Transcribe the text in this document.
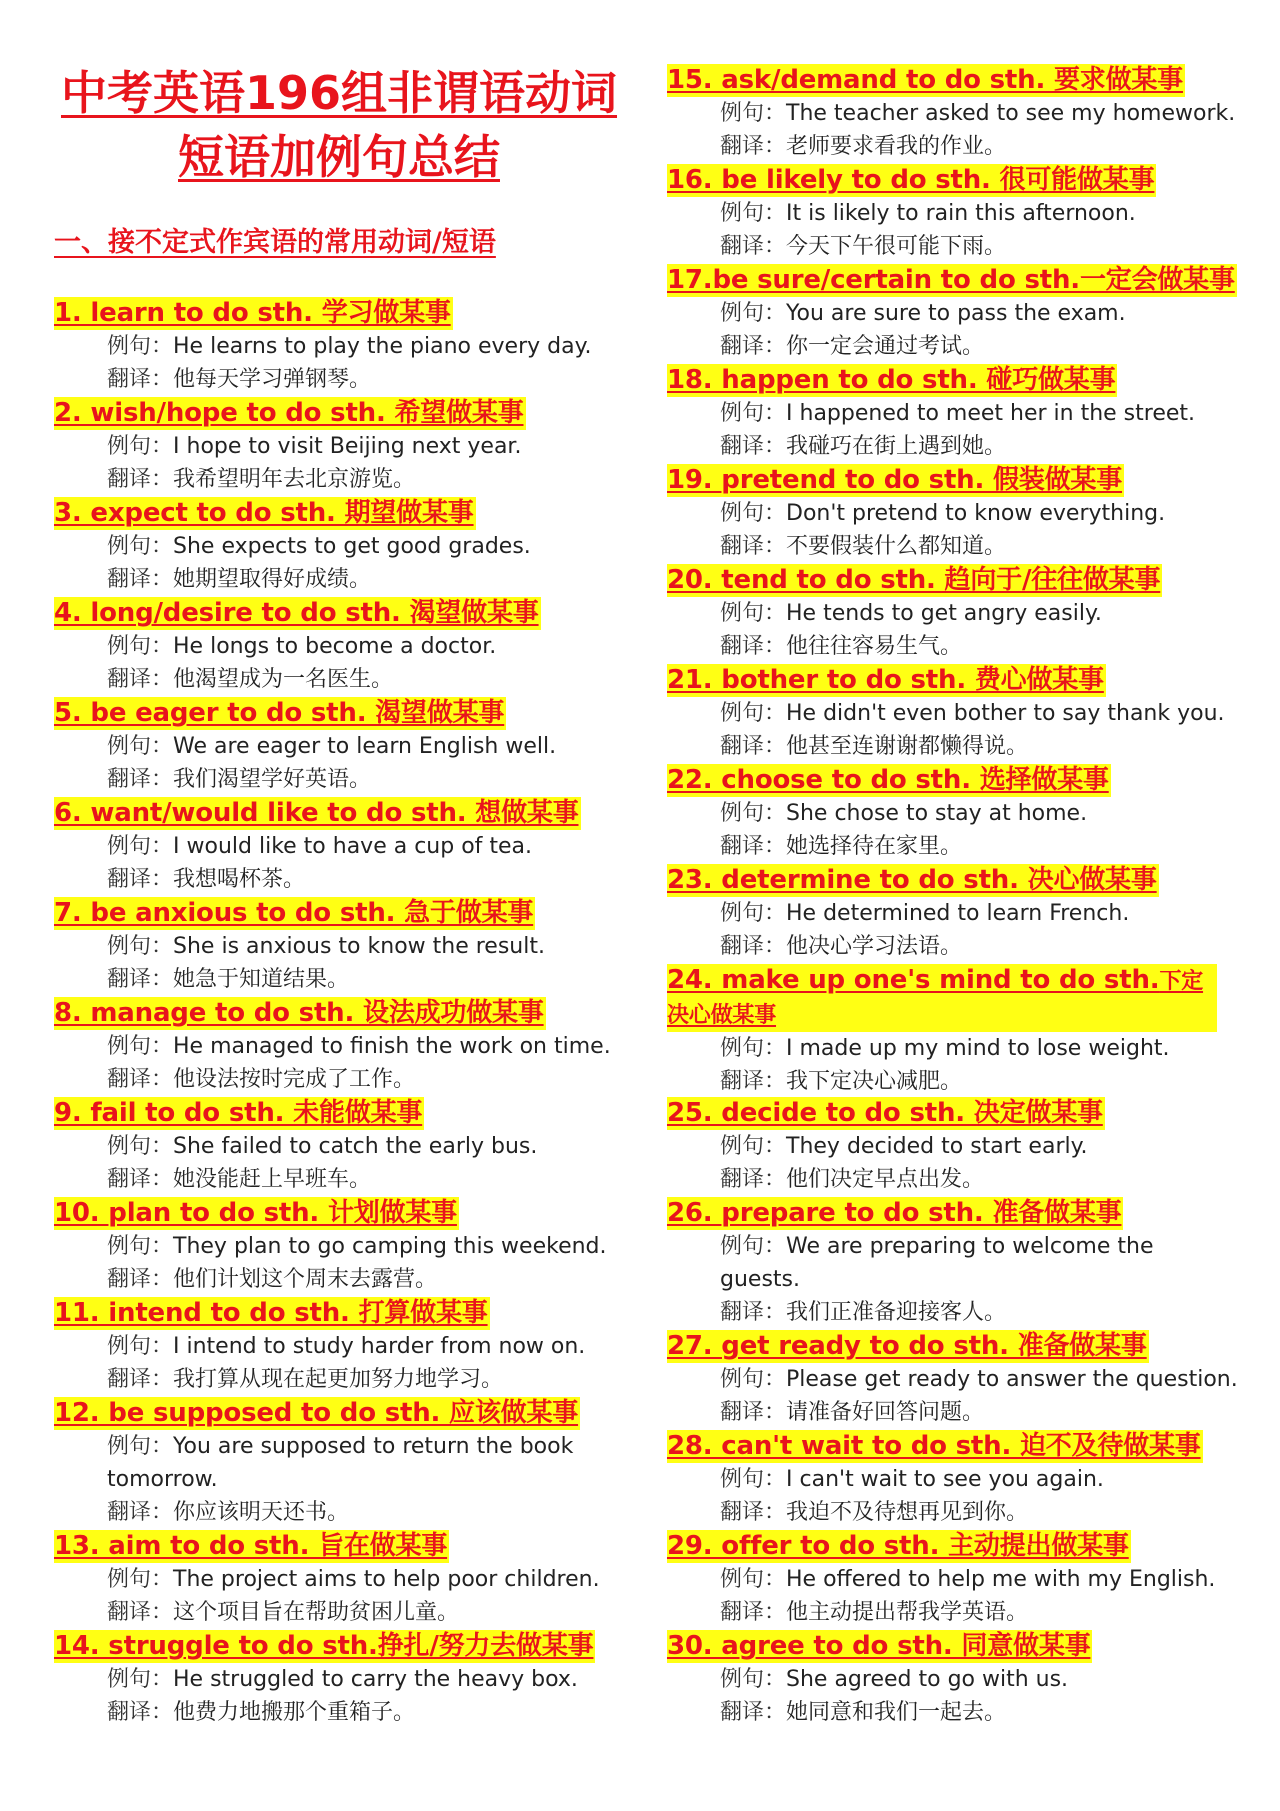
中考英语196组非谓语动词
短语加例句总结
一、接不定式作宾语的常用动词/短语
1. learn to do sth. 学习做某事
例句：He learns to play the piano every day.
翻译：他每天学习弹钢琴。
2. wish/hope to do sth. 希望做某事
例句：I hope to visit Beijing next year.
翻译：我希望明年去北京游览。
3. expect to do sth. 期望做某事
例句：She expects to get good grades.
翻译：她期望取得好成绩。
4. long/desire to do sth. 渴望做某事
例句：He longs to become a doctor.
翻译：他渴望成为一名医生。
5. be eager to do sth. 渴望做某事
例句：We are eager to learn English well.
翻译：我们渴望学好英语。
6. want/would like to do sth. 想做某事
例句：I would like to have a cup of tea.
翻译：我想喝杯茶。
7. be anxious to do sth. 急于做某事
例句：She is anxious to know the result.
翻译：她急于知道结果。
8. manage to do sth. 设法成功做某事
例句：He managed to finish the work on time.
翻译：他设法按时完成了工作。
9. fail to do sth. 未能做某事
例句：She failed to catch the early bus.
翻译：她没能赶上早班车。
10. plan to do sth. 计划做某事
例句：They plan to go camping this weekend.
翻译：他们计划这个周末去露营。
11. intend to do sth. 打算做某事
例句：I intend to study harder from now on.
翻译：我打算从现在起更加努力地学习。
12. be supposed to do sth. 应该做某事
例句：You are supposed to return the book tomorrow.
翻译：你应该明天还书。
13. aim to do sth. 旨在做某事
例句：The project aims to help poor children.
翻译：这个项目旨在帮助贫困儿童。
14. struggle to do sth.挣扎/努力去做某事
例句：He struggled to carry the heavy box.
翻译：他费力地搬那个重箱子。
15. ask/demand to do sth. 要求做某事
例句：The teacher asked to see my homework.
翻译：老师要求看我的作业。
16. be likely to do sth. 很可能做某事
例句：It is likely to rain this afternoon.
翻译：今天下午很可能下雨。
17.be sure/certain to do sth.一定会做某事
例句：You are sure to pass the exam.
翻译：你一定会通过考试。
18. happen to do sth. 碰巧做某事
例句：I happened to meet her in the street.
翻译：我碰巧在街上遇到她。
19. pretend to do sth. 假装做某事
例句：Don't pretend to know everything.
翻译：不要假装什么都知道。
20. tend to do sth. 趋向于/往往做某事
例句：He tends to get angry easily.
翻译：他往往容易生气。
21. bother to do sth. 费心做某事
例句：He didn't even bother to say thank you.
翻译：他甚至连谢谢都懒得说。
22. choose to do sth. 选择做某事
例句：She chose to stay at home.
翻译：她选择待在家里。
23. determine to do sth. 决心做某事
例句：He determined to learn French.
翻译：他决心学习法语。
24. make up one's mind to do sth.下定决心做某事
例句：I made up my mind to lose weight.
翻译：我下定决心减肥。
25. decide to do sth. 决定做某事
例句：They decided to start early.
翻译：他们决定早点出发。
26. prepare to do sth. 准备做某事
例句：We are preparing to welcome the guests.
翻译：我们正准备迎接客人。
27. get ready to do sth. 准备做某事
例句：Please get ready to answer the question.
翻译：请准备好回答问题。
28. can't wait to do sth. 迫不及待做某事
例句：I can't wait to see you again.
翻译：我迫不及待想再见到你。
29. offer to do sth. 主动提出做某事
例句：He offered to help me with my English.
翻译：他主动提出帮我学英语。
30. agree to do sth. 同意做某事
例句：She agreed to go with us.
翻译：她同意和我们一起去。
